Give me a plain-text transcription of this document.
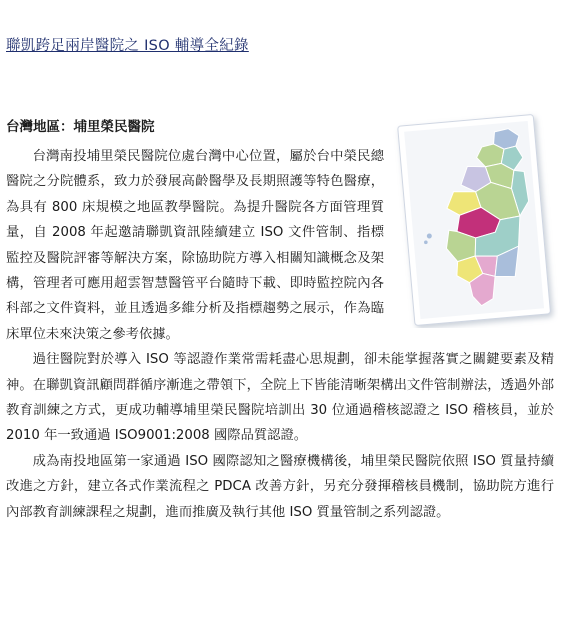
聯凱跨足兩岸醫院之 ISO 輔導全紀錄

台灣地區：埔里榮民醫院

台灣南投埔里榮民醫院位處台灣中心位置，屬於台中榮民總醫院之分院體系，致力於發展高齡醫學及長期照護等特色醫療，為具有 800 床規模之地區教學醫院。為提升醫院各方面管理質量，自 2008 年起邀請聯凱資訊陸續建立 ISO 文件管制、指標監控及醫院評審等解決方案，除協助院方導入相關知識概念及架構，管理者可應用超雲智慧醫管平台隨時下載、即時監控院內各科部之文件資料，並且透過多維分析及指標趨勢之展示，作為臨床單位未來決策之參考依據。

過往醫院對於導入 ISO 等認證作業常需耗盡心思規劃，卻未能掌握落實之關鍵要素及精神。在聯凱資訊顧問群循序漸進之帶領下，全院上下皆能清晰架構出文件管制辦法，透過外部教育訓練之方式，更成功輔導埔里榮民醫院培訓出 30 位通過稽核認證之 ISO 稽核員，並於 2010 年一致通過 ISO9001:2008 國際品質認證。

成為南投地區第一家通過 ISO 國際認知之醫療機構後，埔里榮民醫院依照 ISO 質量持續改進之方針，建立各式作業流程之 PDCA 改善方針，另充分發揮稽核員機制，協助院方進行內部教育訓練課程之規劃，進而推廣及執行其他 ISO 質量管制之系列認證。
